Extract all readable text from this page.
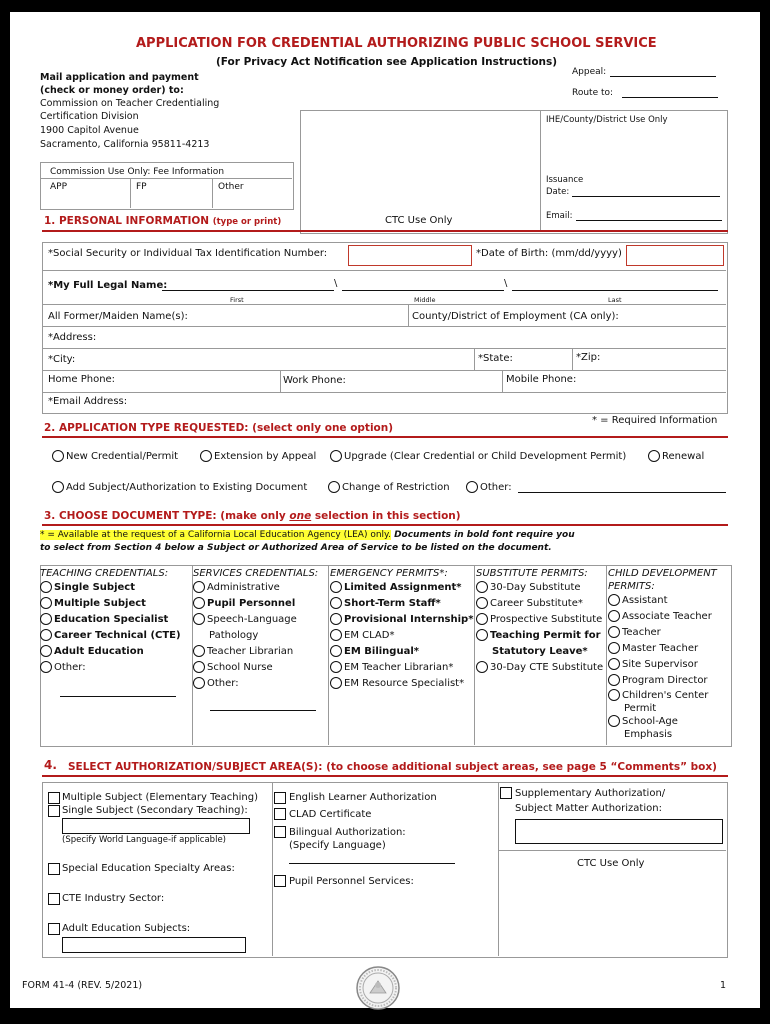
APPLICATION FOR CREDENTIAL AUTHORIZING PUBLIC SCHOOL SERVICE
(For Privacy Act Notification see Application Instructions)
Mail application and payment
(check or money order) to:
Commission on Teacher Credentialing
Certification Division
1900 Capitol Avenue
Sacramento, California 95811-4213
Appeal:
Route to:
IHE/County/District Use Only
Issuance
Date:
Email:
CTC Use Only
Commission Use Only: Fee Information
APP	FP	Other
1. PERSONAL INFORMATION (type or print)
*Social Security or Individual Tax Identification Number:	*Date of Birth: (mm/dd/yyyy)
*My Full Legal Name:	\	\
First	Middle	Last
All Former/Maiden Name(s):	County/District of Employment (CA only):
*Address:
*City:	*State:	*Zip:
Home Phone:	Work Phone:	Mobile Phone:
*Email Address:
* = Required Information
2. APPLICATION TYPE REQUESTED: (select only one option)
New Credential/Permit	Extension by Appeal	Upgrade (Clear Credential or Child Development Permit)	Renewal
Add Subject/Authorization to Existing Document	Change of Restriction	Other:
3. CHOOSE DOCUMENT TYPE: (make only one selection in this section)
* = Available at the request of a California Local Education Agency (LEA) only. Documents in bold font require you
to select from Section 4 below a Subject or Authorized Area of Service to be listed on the document.
TEACHING CREDENTIALS:
Single Subject
Multiple Subject
Education Specialist
Career Technical (CTE)
Adult Education
Other:
SERVICES CREDENTIALS:
Administrative
Pupil Personnel
Speech-Language
Pathology
Teacher Librarian
School Nurse
Other:
EMERGENCY PERMITS*:
Limited Assignment*
Short-Term Staff*
Provisional Internship*
EM CLAD*
EM Bilingual*
EM Teacher Librarian*
EM Resource Specialist*
SUBSTITUTE PERMITS:
30-Day Substitute
Career Substitute*
Prospective Substitute
Teaching Permit for
Statutory Leave*
30-Day CTE Substitute
CHILD DEVELOPMENT
PERMITS:
Assistant
Associate Teacher
Teacher
Master Teacher
Site Supervisor
Program Director
Children's Center
Permit
School-Age
Emphasis
4. SELECT AUTHORIZATION/SUBJECT AREA(S): (to choose additional subject areas, see page 5 “Comments” box)
Multiple Subject (Elementary Teaching)
Single Subject (Secondary Teaching):
(Specify World Language-if applicable)
Special Education Specialty Areas:
CTE Industry Sector:
Adult Education Subjects:
English Learner Authorization
CLAD Certificate
Bilingual Authorization:
(Specify Language)
Pupil Personnel Services:
Supplementary Authorization/
Subject Matter Authorization:
CTC Use Only
FORM 41-4 (REV. 5/2021)	1
